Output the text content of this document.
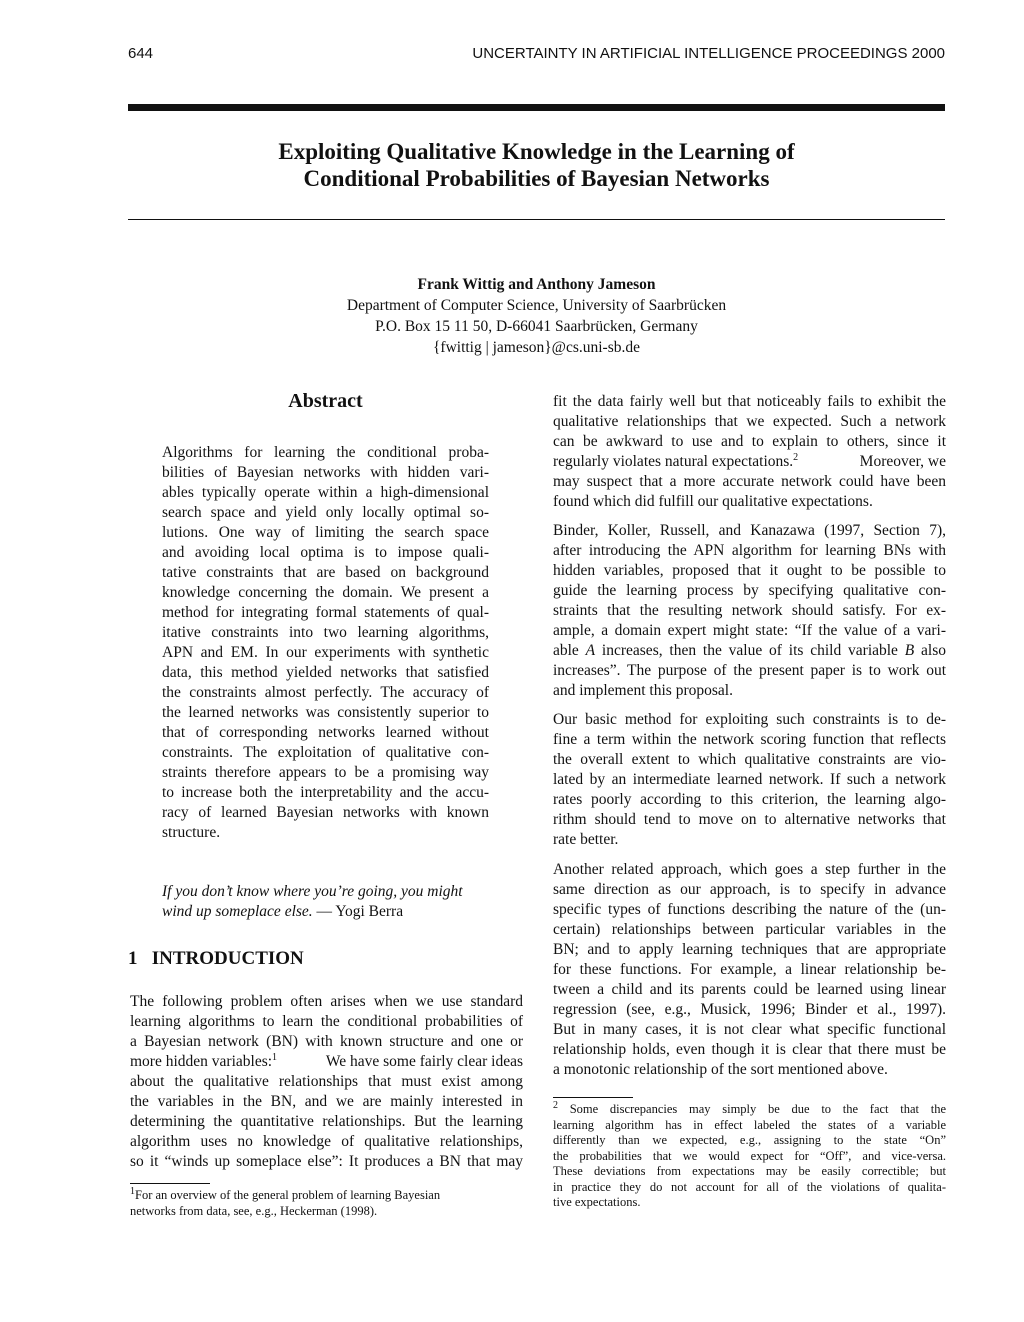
644	UNCERTAINTY IN ARTIFICIAL INTELLIGENCE PROCEEDINGS 2000
Exploiting Qualitative Knowledge in the Learning of
Conditional Probabilities of Bayesian Networks
Frank Wittig and Anthony Jameson
Department of Computer Science, University of Saarbrücken
P.O. Box 15 11 50, D-66041 Saarbrücken, Germany
{fwittig | jameson}@cs.uni-sb.de
Abstract
Algorithms for learning the conditional proba-
bilities of Bayesian networks with hidden vari-
ables typically operate within a high-dimensional
search space and yield only locally optimal so-
lutions. One way of limiting the search space
and avoiding local optima is to impose quali-
tative constraints that are based on background
knowledge concerning the domain. We present a
method for integrating formal statements of qual-
itative constraints into two learning algorithms,
APN and EM. In our experiments with synthetic
data, this method yielded networks that satisfied
the constraints almost perfectly. The accuracy of
the learned networks was consistently superior to
that of corresponding networks learned without
constraints. The exploitation of qualitative con-
straints therefore appears to be a promising way
to increase both the interpretability and the accu-
racy of learned Bayesian networks with known
structure.
If you don’t know where you’re going, you might
wind up someplace else. — Yogi Berra
1   INTRODUCTION
The following problem often arises when we use standard
learning algorithms to learn the conditional probabilities of
a Bayesian network (BN) with known structure and one or
more hidden variables:$^1$	We have some fairly clear ideas
about the qualitative relationships that must exist among
the variables in the BN, and we are mainly interested in
determining the quantitative relationships. But the learning
algorithm uses no knowledge of qualitative relationships,
so it “winds up someplace else”: It produces a BN that may
$^1$For an overview of the general problem of learning Bayesian
networks from data, see, e.g., Heckerman (1998).
fit the data fairly well but that noticeably fails to exhibit the
qualitative relationships that we expected. Such a network
can be awkward to use and to explain to others, since it
regularly violates natural expectations.$^2$	Moreover, we
may suspect that a more accurate network could have been
found which did fulfill our qualitative expectations.
Binder, Koller, Russell, and Kanazawa (1997, Section 7),
after introducing the APN algorithm for learning BNs with
hidden variables, proposed that it ought to be possible to
guide the learning process by specifying qualitative con-
straints that the resulting network should satisfy. For ex-
ample, a domain expert might state: “If the value of a vari-
able A increases, then the value of its child variable B also
increases”. The purpose of the present paper is to work out
and implement this proposal.
Our basic method for exploiting such constraints is to de-
fine a term within the network scoring function that reflects
the overall extent to which qualitative constraints are vio-
lated by an intermediate learned network. If such a network
rates poorly according to this criterion, the learning algo-
rithm should tend to move on to alternative networks that
rate better.
Another related approach, which goes a step further in the
same direction as our approach, is to specify in advance
specific types of functions describing the nature of the (un-
certain) relationships between particular variables in the
BN; and to apply learning techniques that are appropriate
for these functions. For example, a linear relationship be-
tween a child and its parents could be learned using linear
regression (see, e.g., Musick, 1996; Binder et al., 1997).
But in many cases, it is not clear what specific functional
relationship holds, even though it is clear that there must be
a monotonic relationship of the sort mentioned above.
$^2$ Some discrepancies may simply be due to the fact that the
learning algorithm has in effect labeled the states of a variable
differently than we expected, e.g., assigning to the state “On”
the probabilities that we would expect for “Off”, and vice-versa.
These deviations from expectations may be easily correctible; but
in practice they do not account for all of the violations of qualita-
tive expectations.
